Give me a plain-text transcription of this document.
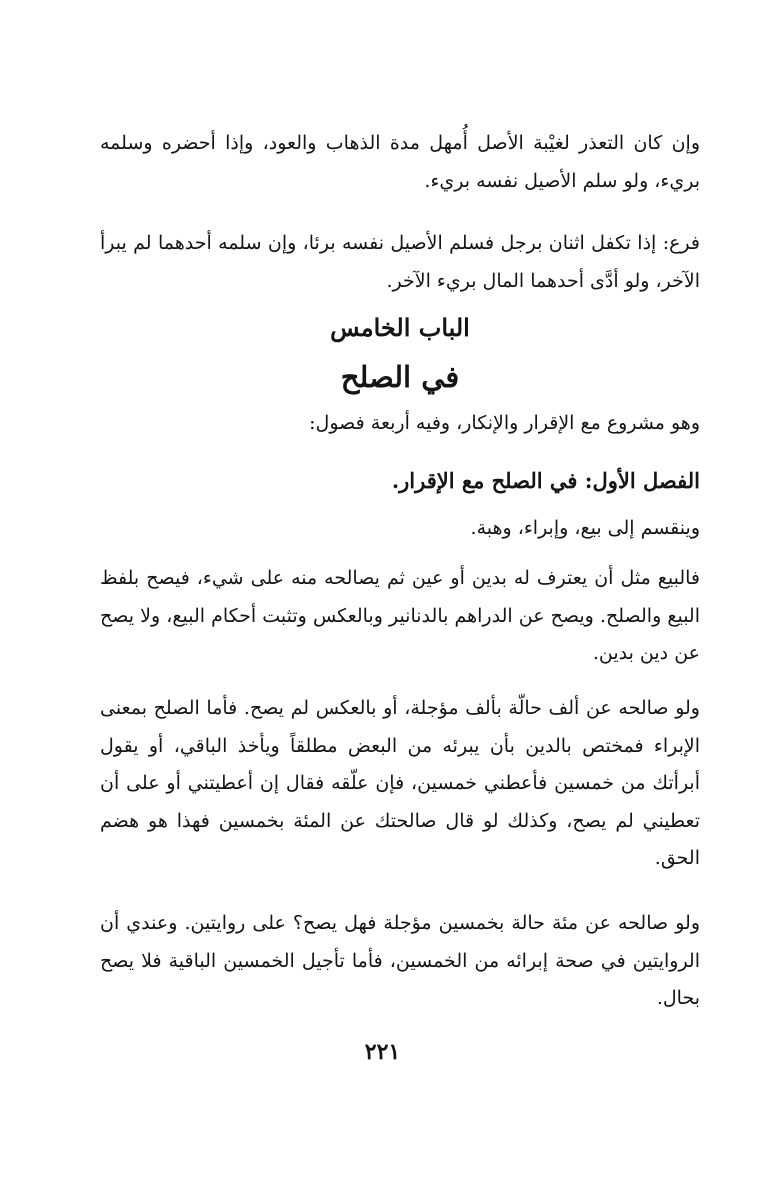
وإن كان التعذر لغيْبة الأصل أُمهل مدة الذهاب والعود، وإذا أحضره وسلمه بريء، ولو سلم الأصيل نفسه بريء.

فرع: إذا تكفل اثنان برجل فسلم الأصيل نفسه برئا، وإن سلمه أحدهما لم يبرأ الآخر، ولو أدَّى أحدهما المال بريء الآخر.

الباب الخامس
في الصلح

وهو مشروع مع الإقرار والإنكار، وفيه أربعة فصول:

الفصل الأول: في الصلح مع الإقرار.

وينقسم إلى بيع، وإبراء، وهبة.

فالبيع مثل أن يعترف له بدين أو عين ثم يصالحه منه على شيء، فيصح بلفظ البيع والصلح. ويصح عن الدراهم بالدنانير وبالعكس وتثبت أحكام البيع، ولا يصح عن دين بدين.

ولو صالحه عن ألف حالّة بألف مؤجلة، أو بالعكس لم يصح. فأما الصلح بمعنى الإبراء فمختص بالدين بأن يبرئه من البعض مطلقاً ويأخذ الباقي، أو يقول أبرأتك من خمسين فأعطني خمسين، فإن علّقه فقال إن أعطيتني أو على أن تعطيني لم يصح، وكذلك لو قال صالحتك عن المئة بخمسين فهذا هو هضم الحق.

ولو صالحه عن مئة حالة بخمسين مؤجلة فهل يصح؟ على روايتين. وعندي أن الروايتين في صحة إبرائه من الخمسين، فأما تأجيل الخمسين الباقية فلا يصح بحال.

٢٢١
